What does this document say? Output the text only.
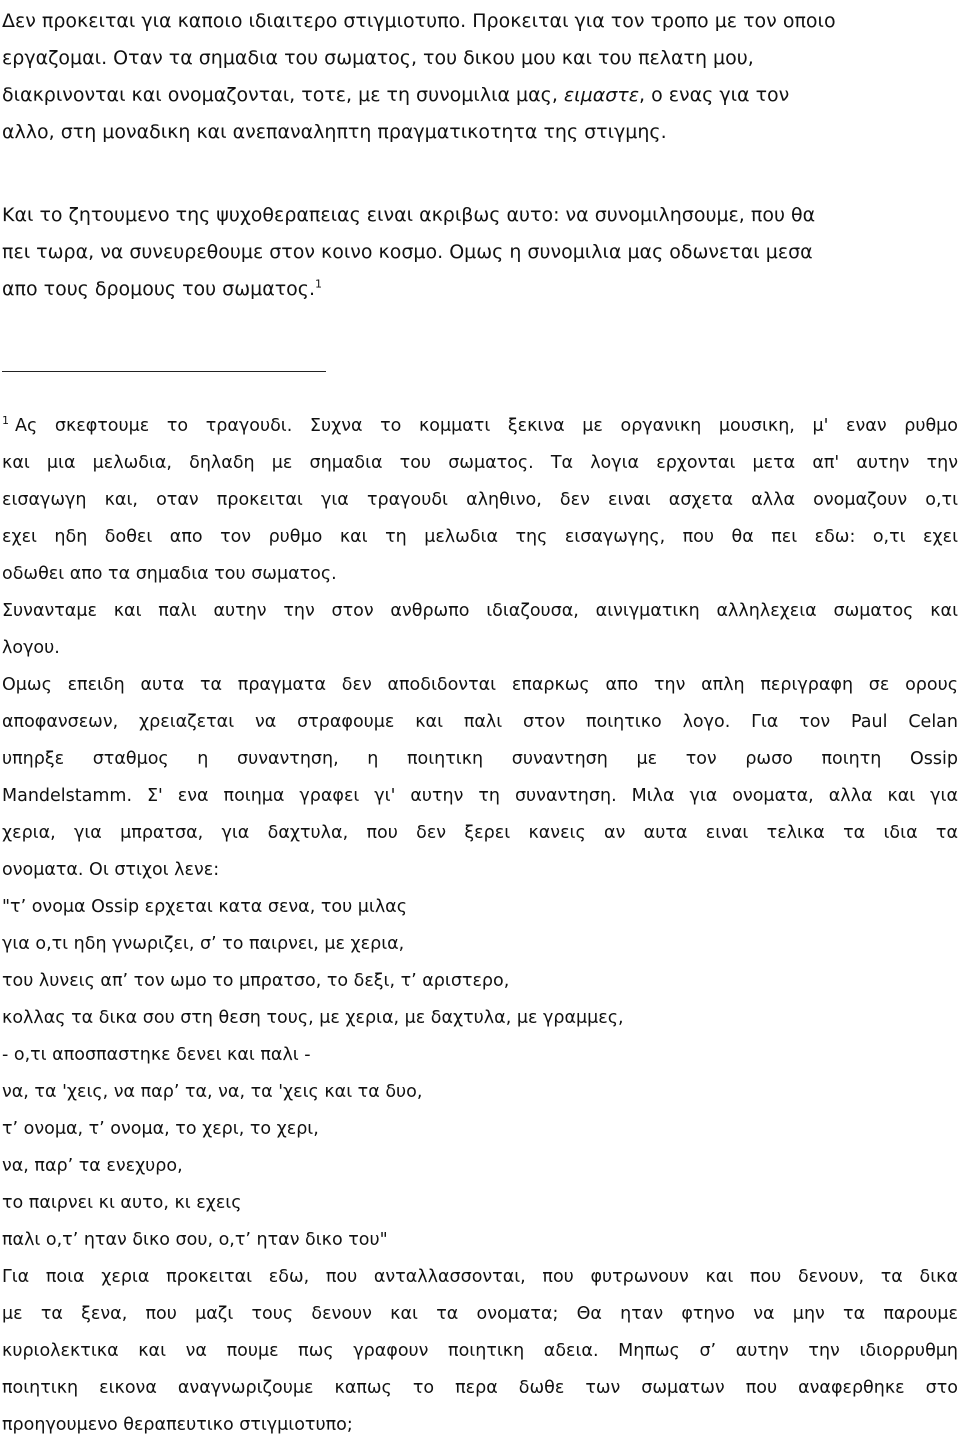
Δεν προκειται για καποιο ιδιαιτερο στιγμιοτυπο. Προκειται για τον τροπο με τον οποιο
εργαζομαι. Οταν τα σημαδια του σωματος, του δικου μου και του πελατη μου,
διακρινονται και ονομαζονται, τοτε, με τη συνομιλια μας, ειμαστε, ο ενας για τον
αλλο, στη μοναδικη και ανεπαναληπτη πραγματικοτητα της στιγμης.
Και το ζητουμενο της ψυχοθεραπειας ειναι ακριβως αυτο: να συνομιλησουμε, που θα
πει τωρα, να συνευρεθουμε στον κοινο κοσμο. Ομως η συνομιλια μας οδωνεται μεσα
απο τους δρομους του σωματος.$^1$
$^1$ Ας σκεφτουμε το τραγουδι. Συχνα το κομματι ξεκινα με οργανικη μουσικη, μ' εναν ρυθμο
και μια μελωδια, δηλαδη με σημαδια του σωματος. Τα λογια ερχονται μετα απ' αυτην την
εισαγωγη και, οταν προκειται για τραγουδι αληθινο, δεν ειναι ασχετα αλλα ονομαζουν ο,τι
εχει ηδη δοθει απο τον ρυθμο και τη μελωδια της εισαγωγης, που θα πει εδω: ο,τι εχει
οδωθει απο τα σημαδια του σωματος.
Συνανταμε και παλι αυτην την στον ανθρωπο ιδιαζουσα, αινιγματικη αλληλεχεια σωματος και
λογου.
Ομως επειδη αυτα τα πραγματα δεν αποδιδονται επαρκως απο την απλη περιγραφη σε ορους
αποφανσεων, χρειαζεται να στραφουμε και παλι στον ποιητικο λογο. Για τον Paul Celan
υπηρξε σταθμος η συναντηση, η ποιητικη συναντηση με τον ρωσο ποιητη Ossip
Mandelstamm. Σ' ενα ποιημα γραφει γι' αυτην τη συναντηση. Μιλα για ονοματα, αλλα και για
χερια, για μπρατσα, για δαχτυλα, που δεν ξερει κανεις αν αυτα ειναι τελικα τα ιδια τα
ονοματα. Οι στιχοι λενε:
"τ’ ονομα Ossip ερχεται κατα σενα, του μιλας
για ο,τι ηδη γνωριζει, σ’ το παιρνει, με χερια,
του λυνεις απ’ τον ωμο το μπρατσο, το δεξι, τ’ αριστερο,
κολλας τα δικα σου στη θεση τους, με χερια, με δαχτυλα, με γραμμες,
- ο,τι αποσπαστηκε δενει και παλι -
να, τα 'χεις, να παρ’ τα, να, τα 'χεις και τα δυο,
τ’ ονομα, τ’ ονομα, το χερι, το χερι,
να, παρ’ τα ενεχυρο,
το παιρνει κι αυτο, κι εχεις
παλι ο,τ’ ηταν δικο σου, ο,τ’ ηταν δικο του"
Για ποια χερια προκειται εδω, που ανταλλασσονται, που φυτρωνουν και που δενουν, τα δικα
με τα ξενα, που μαζι τους δενουν και τα ονοματα; Θα ηταν φτηνο να μην τα παρουμε
κυριολεκτικα και να πουμε πως γραφουν ποιητικη αδεια. Μηπως σ’ αυτην την ιδιορρυθμη
ποιητικη εικονα αναγνωριζουμε καπως το περα δωθε των σωματων που αναφερθηκε στο
προηγουμενο θεραπευτικο στιγμιοτυπο;
